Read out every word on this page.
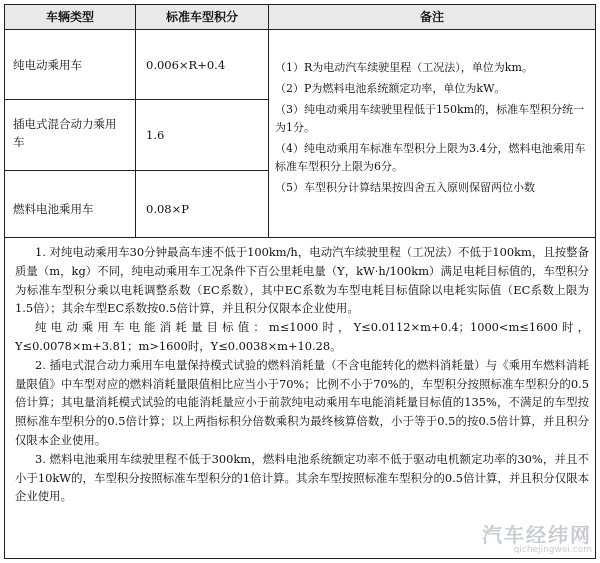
车辆类型	标准车型积分	备注
纯电动乘用车	0.006×R+0.4
插电式混合动力乘用
车	1.6
燃料电池乘用车	0.08×P

（1）R为电动汽车续驶里程（工况法），单位为km。

（2）P为燃料电池系统额定功率，单位为kW。

（3）纯电动乘用车续驶里程低于150km的，标准车型积分统一为1分。

（4）纯电动乘用车标准车型积分上限为3.4分，燃料电池乘用车标准车型积分上限为6分。

（5）车型积分计算结果按四舍五入原则保留两位小数

1. 对纯电动乘用车30分钟最高车速不低于100km/h，电动汽车续驶里程（工况法）不低于100km，且按整备质量（m，kg）不同，纯电动乘用车工况条件下百公里耗电量（Y，kW·h/100km）满足电耗目标值的，车型积分为标准车型积分乘以电耗调整系数（EC系数），其中EC系数为车型电耗目标值除以电耗实际值（EC系数上限为1.5倍）；其余车型EC系数按0.5倍计算，并且积分仅限本企业使用。

纯电动乘用车电能消耗量目标值：m≤1000时，Y≤0.0112×m+0.4；1000<m≤1600时，Y≤0.0078×m+3.81；m>1600时，Y≤0.0038×m+10.28。

2. 插电式混合动力乘用车电量保持模式试验的燃料消耗量（不含电能转化的燃料消耗量）与《乘用车燃料消耗量限值》中车型对应的燃料消耗量限值相比应当小于70%；比例不小于70%的，车型积分按照标准车型积分的0.5倍计算；其电量消耗模式试验的电能消耗量应小于前款纯电动乘用车电能消耗量目标值的135%，不满足的车型按照标准车型积分的0.5倍计算；以上两指标积分倍数乘积为最终核算倍数，小于等于0.5的按0.5倍计算，并且积分仅限本企业使用。

3. 燃料电池乘用车续驶里程不低于300km，燃料电池系统额定功率不低于驱动电机额定功率的30%，并且不小于10kW的，车型积分按照标准车型积分的1倍计算。其余车型按照标准车型积分的0.5倍计算，并且积分仅限本企业使用。

汽车经纬网
qichejingwei.com
